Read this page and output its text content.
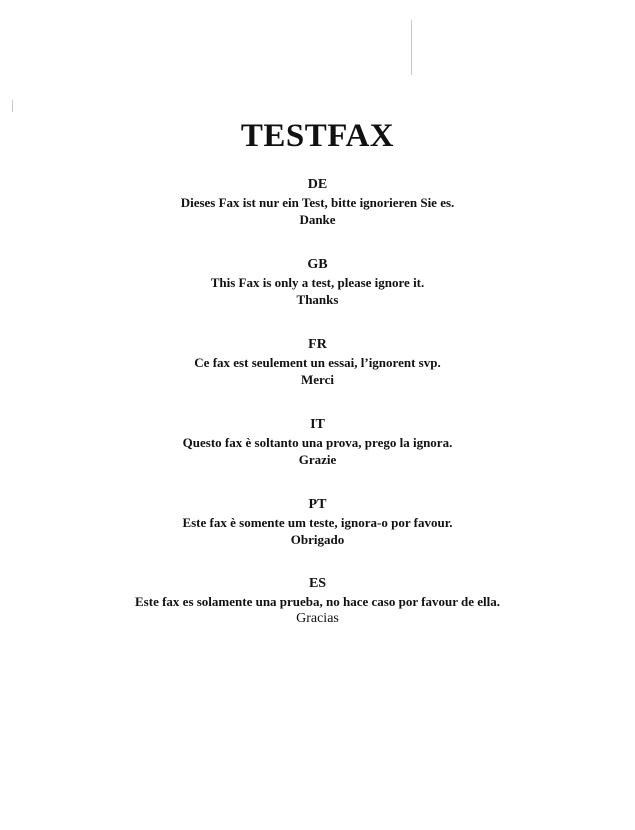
TESTFAX
DE
Dieses Fax ist nur ein Test, bitte ignorieren Sie es.
Danke
GB
This Fax is only a test, please ignore it.
Thanks
FR
Ce fax est seulement un essai, l’ignorent svp.
Merci
IT
Questo fax è soltanto una prova, prego la ignora.
Grazie
PT
Este fax è somente um teste, ignora-o por favour.
Obrigado
ES
Este fax es solamente una prueba, no hace caso por favour de ella.
Gracias
